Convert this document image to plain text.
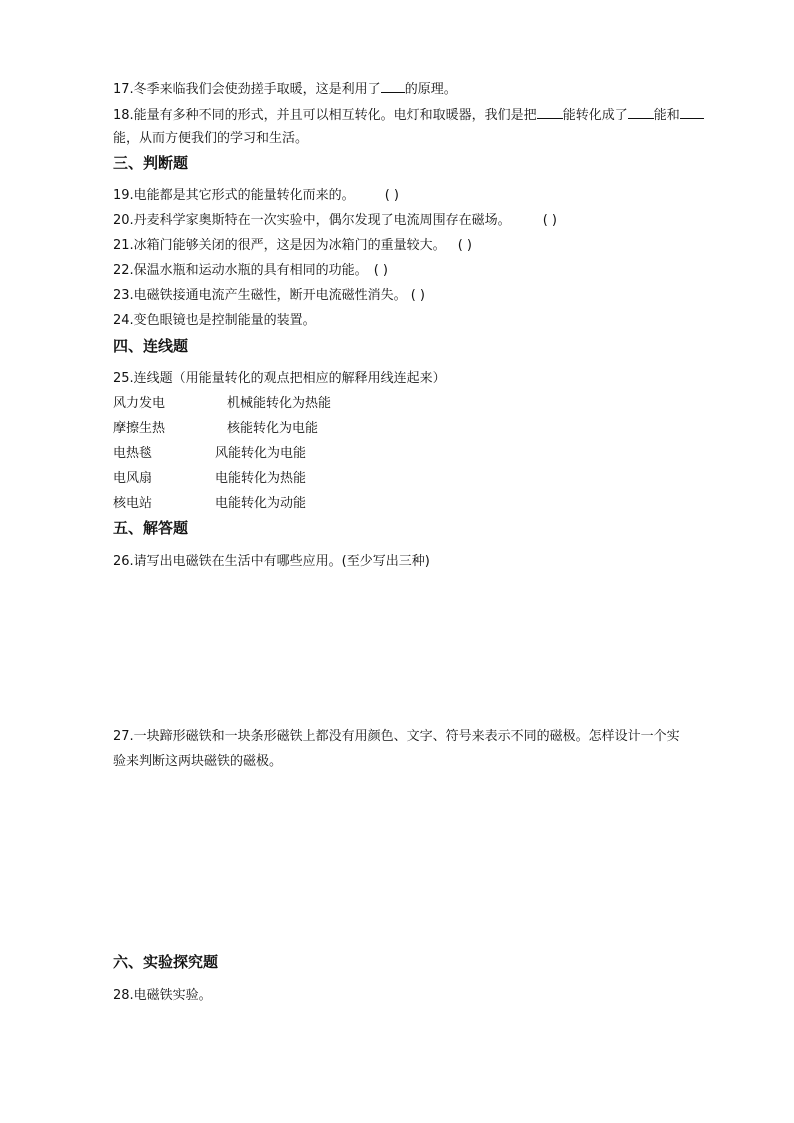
17.冬季来临我们会使劲搓手取暖，这是利用了 的原理。
18.能量有多种不同的形式，并且可以相互转化。电灯和取暖器，我们是把 能转化成了 能和
能，从而方便我们的学习和生活。
三、判断题
19.电能都是其它形式的能量转化而来的。 ( )
20.丹麦科学家奥斯特在一次实验中，偶尔发现了电流周围存在磁场。 ( )
21.冰箱门能够关闭的很严，这是因为冰箱门的重量较大。 ( )
22.保温水瓶和运动水瓶的具有相同的功能。 ( )
23.电磁铁接通电流产生磁性，断开电流磁性消失。 ( )
24.变色眼镜也是控制能量的装置。
四、连线题
25.连线题（用能量转化的观点把相应的解释用线连起来）
风力发电	机械能转化为热能
摩擦生热	核能转化为电能
电热毯	风能转化为电能
电风扇	电能转化为热能
核电站	电能转化为动能
五、解答题
26.请写出电磁铁在生活中有哪些应用。(至少写出三种)
27.一块蹄形磁铁和一块条形磁铁上都没有用颜色、文字、符号来表示不同的磁极。怎样设计一个实
验来判断这两块磁铁的磁极。
六、实验探究题
28.电磁铁实验。
